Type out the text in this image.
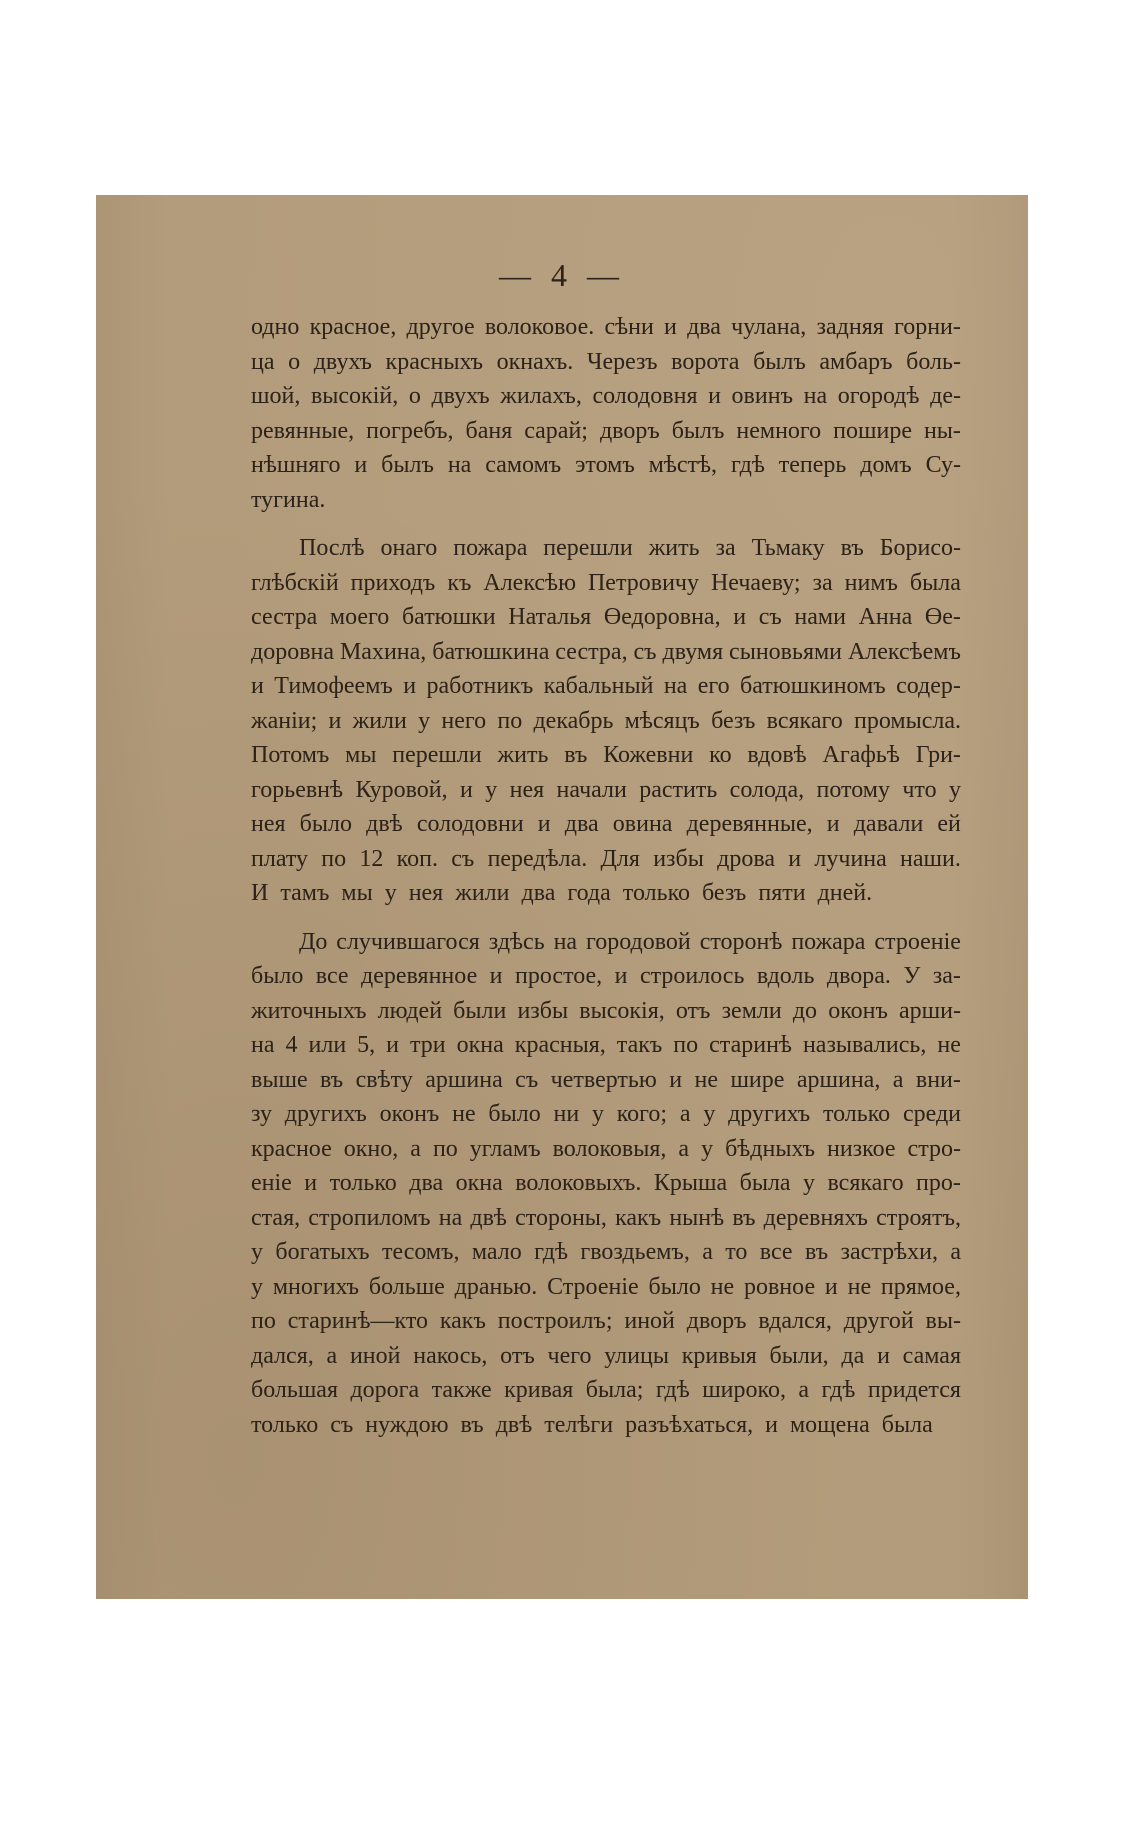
— 4 —
одно красное, другое волоковое. сѣни и два чулана, задняя горни-
ца о двухъ красныхъ окнахъ. Черезъ ворота былъ амбаръ боль-
шой, высокій, о двухъ жилахъ, солодовня и овинъ на огородѣ де-
ревянные, погребъ, баня сарай; дворъ былъ немного пошире ны-
нѣшняго и былъ на самомъ этомъ мѣстѣ, гдѣ теперь домъ Су-
тугина.
Послѣ онаго пожара перешли жить за Тьмаку въ Борисо-
глѣбскій приходъ къ Алексѣю Петровичу Нечаеву; за нимъ была
сестра моего батюшки Наталья Өедоровна, и съ нами Анна Өе-
доровна Махина, батюшкина сестра, съ двумя сыновьями Алексѣемъ
и Тимофеемъ и работникъ кабальный на его батюшкиномъ содер-
жаніи; и жили у него по декабрь мѣсяцъ безъ всякаго промысла.
Потомъ мы перешли жить въ Кожевни ко вдовѣ Агафьѣ Гри-
горьевнѣ Куровой, и у нея начали растить солода, потому что у
нея было двѣ солодовни и два овина деревянные, и давали ей
плату по 12 коп. съ передѣла. Для избы дрова и лучина наши.
И тамъ мы у нея жили два года только безъ пяти дней.
До случившагося здѣсь на городовой сторонѣ пожара строеніе
было все деревянное и простое, и строилось вдоль двора. У за-
житочныхъ людей были избы высокія, отъ земли до оконъ арши-
на 4 или 5, и три окна красныя, такъ по старинѣ назывались, не
выше въ свѣту аршина съ четвертью и не шире аршина, а вни-
зу другихъ оконъ не было ни у кого; а у другихъ только среди
красное окно, а по угламъ волоковыя, а у бѣдныхъ низкое стро-
еніе и только два окна волоковыхъ. Крыша была у всякаго про-
стая, стропиломъ на двѣ стороны, какъ нынѣ въ деревняхъ строятъ,
у богатыхъ тесомъ, мало гдѣ гвоздьемъ, а то все въ застрѣхи, а
у многихъ больше дранью. Строеніе было не ровное и не прямое,
по старинѣ—кто какъ построилъ; иной дворъ вдался, другой вы-
дался, а иной накось, отъ чего улицы кривыя были, да и самая
большая дорога также кривая была; гдѣ широко, а гдѣ придется
только съ нуждою въ двѣ телѣги разъѣхаться, и мощена была
